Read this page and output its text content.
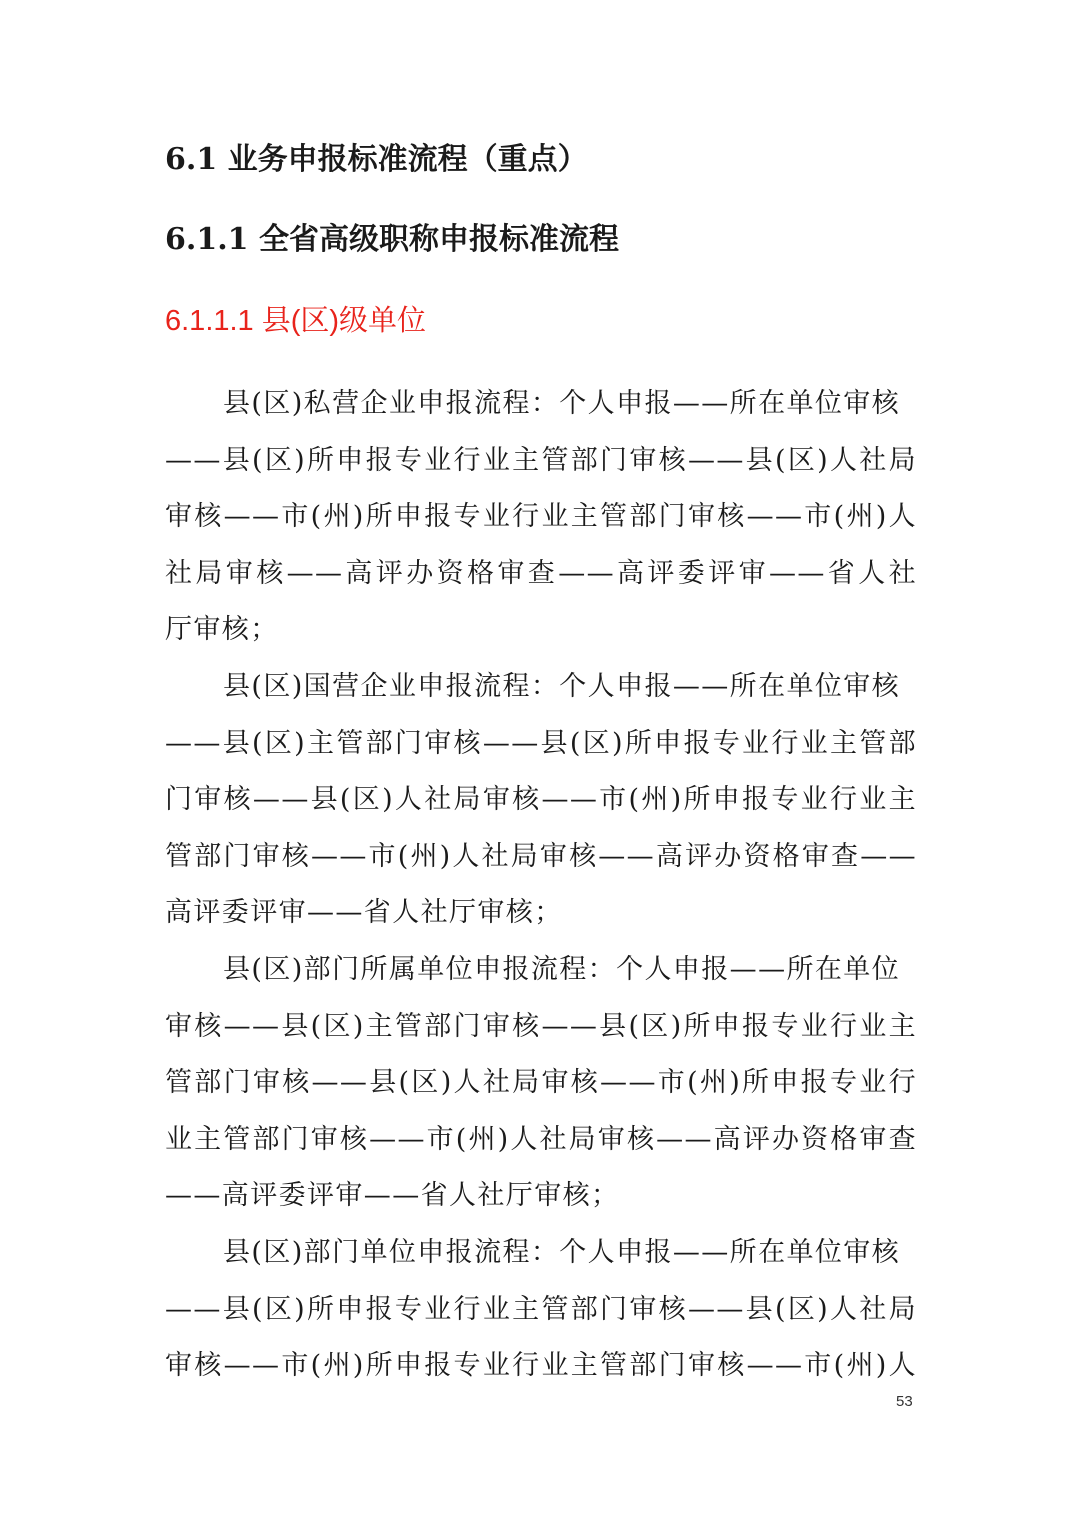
6.1 业务申报标准流程（重点）
6.1.1 全省高级职称申报标准流程
6.1.1.1 县(区)级单位
县(区)私营企业申报流程：个人申报——所在单位审核
——县(区)所申报专业行业主管部门审核——县(区)人社局
审核——市(州)所申报专业行业主管部门审核——市(州)人
社局审核——高评办资格审查——高评委评审——省人社
厅审核；
县(区)国营企业申报流程：个人申报——所在单位审核
——县(区)主管部门审核——县(区)所申报专业行业主管部
门审核——县(区)人社局审核——市(州)所申报专业行业主
管部门审核——市(州)人社局审核——高评办资格审查——
高评委评审——省人社厅审核；
县(区)部门所属单位申报流程：个人申报——所在单位
审核——县(区)主管部门审核——县(区)所申报专业行业主
管部门审核——县(区)人社局审核——市(州)所申报专业行
业主管部门审核——市(州)人社局审核——高评办资格审查
——高评委评审——省人社厅审核；
县(区)部门单位申报流程：个人申报——所在单位审核
——县(区)所申报专业行业主管部门审核——县(区)人社局
审核——市(州)所申报专业行业主管部门审核——市(州)人
53
